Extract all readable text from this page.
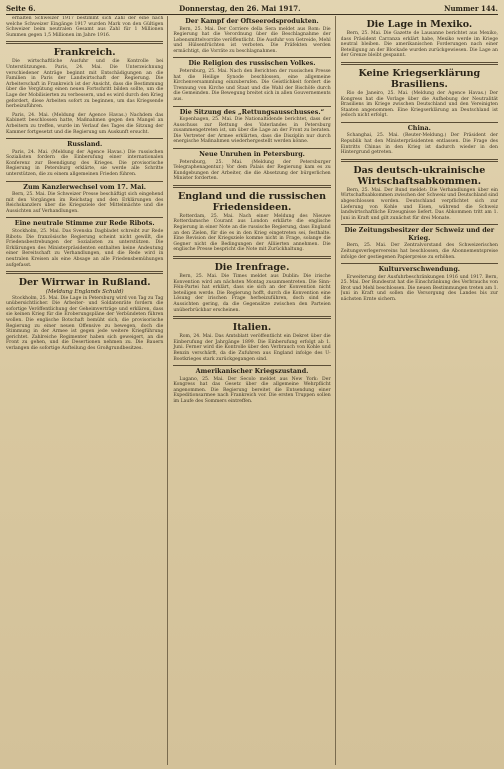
Seite 6.	Donnerstag, den 26. Mai 1917.	Nummer 144.

erhalten Schweizer 1917 bestimmt sich Zahl der eine nach welche Schweizer Eingänge 1917 wurden Mark von den Gültigen Schweizer beim neutralen Gesamt aus Zahl für 1 Millionen Summen gegen 1,5 Millionen im Jahre 1916.

Frankreich.

Die wirtschaftliche Ausfuhr und die Kontrolle bei Unterstützungen. Paris, 24. Mai. Die Unterzeichnung verschiedener Anträge beginnt mit Entschädigungen an die Familien in Paris der Landwirtschaft der Regierung. Die Arbeiterschaft in Frankreich ist der Ansicht, dass die Bestimmung über die Vergütung einen neuen Fortschritt bilden sollte, um die Lage der Mobilisierten zu verbessern, und es wird durch den Krieg gefordert, diese Arbeiten sofort zu beginnen, um das Kriegsende herbeizuführen.

Paris, 24. Mai. (Meldung der Agence Havas.) Nachdem das Kabinett beschlossen hatte, Maßnahmen gegen den Mangel an Arbeitern zu treffen, wurde im Verlauf des Tages die Sitzung der Kammer fortgesetzt und die Regierung um Auskunft ersucht.

Russland.

Paris, 24. Mai. (Meldung der Agence Havas.) Die russischen Sozialisten fordern die Einberufung einer internationalen Konferenz zur Beendigung des Krieges. Die provisorische Regierung in Petersburg erklärte, sie werde alle Schritte unterstützen, die zu einem allgemeinen Frieden führen.

Zum Kanzlerwechsel vom 17. Mai.

Bern, 25. Mai. Die Schweizer Presse beschäftigt sich eingehend mit den Vorgängen im Reichstag und den Erklärungen des Reichskanzlers über die Kriegsziele der Mittelmächte und die Aussichten auf Verhandlungen.

Eine neutrale Stimme zur Rede Ribots.

Stockholm, 25. Mai. Das Svenska Dagbladet schreibt zur Rede Ribots: Die französische Regierung scheint nicht gewillt, die Friedensbestrebungen der Sozialisten zu unterstützen. Die Erklärungen des Ministerpräsidenten enthalten keine Andeutung einer Bereitschaft zu Verhandlungen, und die Rede wird in neutralen Kreisen als eine Absage an alle Friedensbemühungen aufgefasst.

Der Wirrwar in Rußland.
(Meldung Englands Schuld)

Stockholm, 25. Mai. Die Lage in Petersburg wird von Tag zu Tag unübersichtlicher. Die Arbeiter- und Soldatenräte fordern die sofortige Veröffentlichung der Geheimverträge und erklären, dass sie keinen Krieg für die Eroberungspläne der Verbündeten führen wollen. Die englische Botschaft bemüht sich, die provisorische Regierung zu einer neuen Offensive zu bewegen, doch die Stimmung in der Armee ist gegen jede weitere Kriegführung gerichtet. Zahlreiche Regimenter haben sich geweigert, an die Front zu gehen, und die Desertionen nehmen zu. Die Bauern verlangen die sofortige Aufteilung des Großgrundbesitzes.

Der Kampf der Oftseerodsprodukten.

Bern, 25. Mai. Der Corriere della Sera meldet aus Rom: Die Regierung hat die Verordnung über die Beschlagnahme der Lebensmittelvorräte veröffentlicht. Die Ausfuhr von Getreide, Mehl und Hülsenfrüchten ist verboten. Die Präfekten werden ermächtigt, die Vorräte zu beschlagnahmen.

Die Religion des russischen Volkes.

Petersburg, 25. Mai. Nach den Berichten der russischen Presse hat die Heilige Synode beschlossen, eine allgemeine Kirchenversammlung einzuberufen. Die Geistlichkeit fordert die Trennung von Kirche und Staat und die Wahl der Bischöfe durch die Gemeinden. Die Bewegung breitet sich in allen Gouvernements aus.

Die Sitzung des „Rettungsausschusses.“

Kopenhagen, 25. Mai. Die Nationaltidende berichtet, dass der Ausschuss zur Rettung des Vaterlandes in Petersburg zusammengetreten ist, um über die Lage an der Front zu beraten. Die Vertreter der Armee erklärten, dass die Disziplin nur durch energische Maßnahmen wiederhergestellt werden könne.

Neue Unruhen in Petersburg.

Petersburg, 25. Mai. (Meldung der Petersburger Telegraphenagentur.) Vor dem Palais der Regierung kam es zu Kundgebungen der Arbeiter, die die Absetzung der bürgerlichen Minister forderten.

England und die russischen Friedensideen.

Rotterdam, 25. Mai. Nach einer Meldung des Nieuwe Rotterdamsche Courant aus London erklärte die englische Regierung in einer Note an die russische Regierung, dass England an den Zielen, für die es in den Krieg eingetreten sei, festhalte. Eine Revision der Kriegsziele komme nicht in Frage, solange die Gegner nicht die Bedingungen der Alliierten annehmen. Die englische Presse bespricht die Note mit Zurückhaltung.

Die Irenfrage.

Bern, 25. Mai. Die Times meldet aus Dublin: Die irische Konvention wird am nächsten Montag zusammentreten. Die Sinn-Féin-Partei hat erklärt, dass sie sich an der Konvention nicht beteiligen werde. Die Regierung hofft, durch die Konvention eine Lösung der irischen Frage herbeizuführen, doch sind die Aussichten gering, da die Gegensätze zwischen den Parteien unüberbrückbar erscheinen.

Italien.

Rom, 24. Mai. Das Amtsblatt veröffentlicht ein Dekret über die Einberufung der Jahrgänge 1899. Die Einberufung erfolgt ab 1. Juni. Ferner wird die Kontrolle über den Verbrauch von Kohle und Benzin verschärft, da die Zufuhren aus England infolge des U-Bootkrieges stark zurückgegangen sind.

Amerikanischer Kriegszustand.

Lugano, 25. Mai. Der Secolo meldet aus New York: Der Kongress hat das Gesetz über die allgemeine Wehrpflicht angenommen. Die Regierung bereitet die Entsendung einer Expeditionsarmee nach Frankreich vor. Die ersten Truppen sollen im Laufe des Sommers eintreffen.

Die Lage in Mexiko.

Bern, 25. Mai. Die Gazette de Lausanne berichtet aus Mexiko, dass Präsident Carranza erklärt habe, Mexiko werde im Kriege neutral bleiben. Die amerikanischen Forderungen nach einer Beteiligung an der Blockade wurden zurückgewiesen. Die Lage an der Grenze bleibt gespannt.

Keine Kriegserklärung Brasiliens.

Rio de Janeiro, 25. Mai. (Meldung der Agence Havas.) Der Kongress hat die Vorlage über die Aufhebung der Neutralität Brasiliens im Kriege zwischen Deutschland und den Vereinigten Staaten angenommen. Eine Kriegserklärung an Deutschland ist jedoch nicht erfolgt.

China.

Schanghai, 25. Mai. (Reuter-Meldung.) Der Präsident der Republik hat den Ministerpräsidenten entlassen. Die Frage des Eintritts Chinas in den Krieg ist dadurch wieder in den Hintergrund getreten.

Das deutsch-ukrainische Wirtschaftsabkommen.

Bern, 25. Mai. Der Bund meldet: Die Verhandlungen über ein Wirtschaftsabkommen zwischen der Schweiz und Deutschland sind abgeschlossen worden. Deutschland verpflichtet sich zur Lieferung von Kohle und Eisen, während die Schweiz landwirtschaftliche Erzeugnisse liefert. Das Abkommen tritt am 1. Juni in Kraft und gilt zunächst für drei Monate.

Die Zeitungsbesitzer der Schweiz und der Krieg.

Bern, 25. Mai. Der Zentralvorstand des Schweizerischen Zeitungsverlegervereins hat beschlossen, die Abonnementspreise infolge der gestiegenen Papierpreise zu erhöhen.

Kulturverschwendung.

Erweiterung der Ausfuhrbeschränkungen 1916 und 1917. Bern, 25. Mai. Der Bundesrat hat die Einschränkung des Verbrauchs von Brot und Mehl beschlossen. Die neuen Bestimmungen treten am 1. Juni in Kraft und sollen die Versorgung des Landes bis zur nächsten Ernte sichern.
